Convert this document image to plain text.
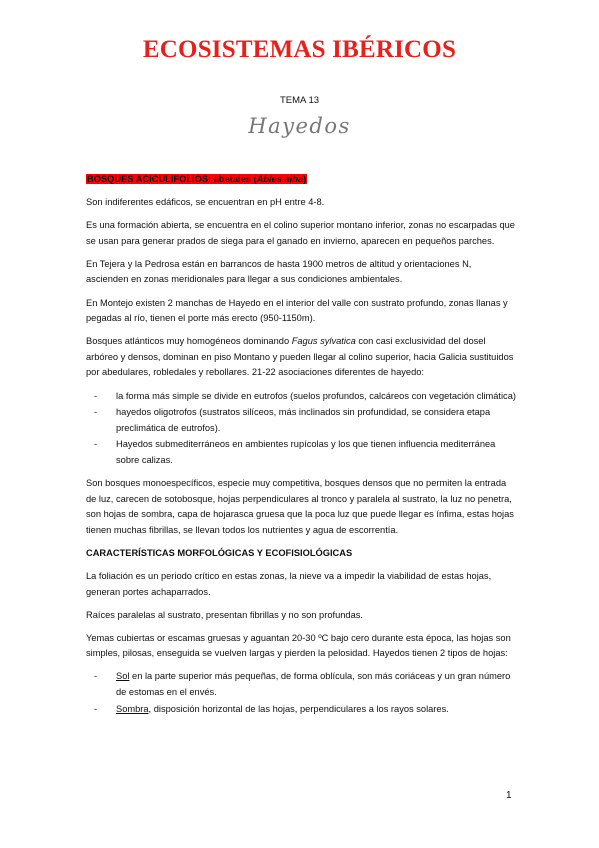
ECOSISTEMAS IBÉRICOS
TEMA 13
Hayedos

BOSQUES ACICULIFOLIOS: abetales (Abies alba)

Son indiferentes edáficos, se encuentran en pH entre 4-8.

Es una formación abierta, se encuentra en el colino superior montano inferior, zonas no escarpadas que se usan para generar prados de siega para el ganado en invierno, aparecen en pequeños parches.

En Tejera y la Pedrosa están en barrancos de hasta 1900 metros de altitud y orientaciones N, ascienden en zonas meridionales para llegar a sus condiciones ambientales.

En Montejo existen 2 manchas de Hayedo en el interior del valle con sustrato profundo, zonas llanas y pegadas al río, tienen el porte más erecto (950-1150m).

Bosques atlánticos muy homogéneos dominando Fagus sylvatica con casi exclusividad del dosel arbóreo y densos, dominan en piso Montano y pueden llegar al colino superior, hacia Galicia sustituidos por abedulares, robledales y rebollares. 21-22 asociaciones diferentes de hayedo:

- la forma más simple se divide en eutrofos (suelos profundos, calcáreos con vegetación climática)
- hayedos oligotrofos (sustratos silíceos, más inclinados sin profundidad, se considera etapa preclimática de eutrofos).
- Hayedos submediterráneos en ambientes rupícolas y los que tienen influencia mediterránea sobre calizas.

Son bosques monoespecíficos, especie muy competitiva, bosques densos que no permiten la entrada de luz, carecen de sotobosque, hojas perpendiculares al tronco y paralela al sustrato, la luz no penetra, son hojas de sombra, capa de hojarasca gruesa que la poca luz que puede llegar es ínfima, estas hojas tienen muchas fibrillas, se llevan todos los nutrientes y agua de escorrentía.

CARACTERÍSTICAS MORFOLÓGICAS Y ECOFISIOLÓGICAS

La foliación es un periodo crítico en estas zonas, la nieve va a impedir la viabilidad de estas hojas, generan portes achaparrados.

Raíces paralelas al sustrato, presentan fibrillas y no son profundas.

Yemas cubiertas or escamas gruesas y aguantan 20-30 ºC bajo cero durante esta época, las hojas son simples, pilosas, enseguida se vuelven largas y pierden la pelosidad. Hayedos tienen 2 tipos de hojas:

- Sol en la parte superior más pequeñas, de forma oblícula, son más coriáceas y un gran número de estomas en el envés.
- Sombra, disposición horizontal de las hojas, perpendiculares a los rayos solares.
1
